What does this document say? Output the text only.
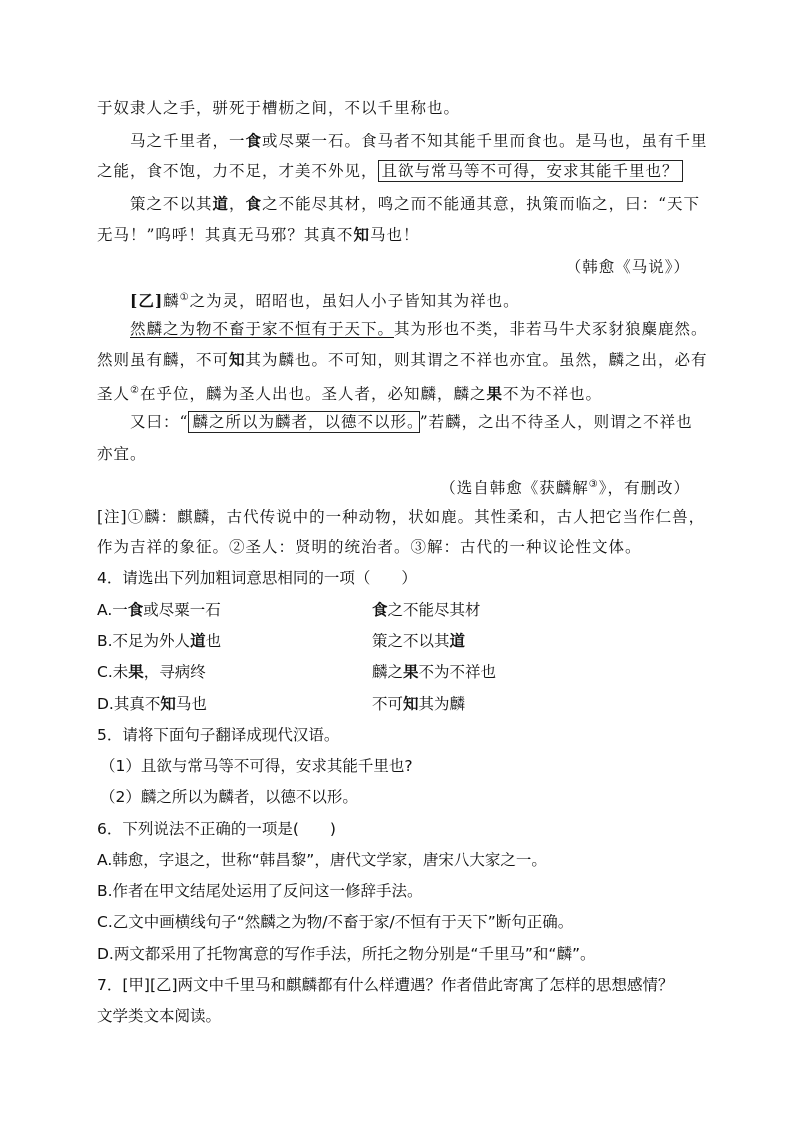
于奴隶人之手，骈死于槽枥之间，不以千里称也。
马之千里者，一食或尽粟一石。食马者不知其能千里而食也。是马也，虽有千里
之能，食不饱，力不足，才美不外见， 且欲与常马等不可得，安求其能千里也？
策之不以其道，食之不能尽其材，鸣之而不能通其意，执策而临之，曰：“天下
无马！”呜呼！其真无马邪？其真不知马也！
（韩愈《马说》）
[乙]麟①之为灵，昭昭也，虽妇人小子皆知其为祥也。
然麟之为物不畜于家不恒有于天下。其为形也不类，非若马牛犬豕豺狼麋鹿然。
然则虽有麟，不可知其为麟也。不可知，则其谓之不祥也亦宜。虽然，麟之出，必有
圣人②在乎位，麟为圣人出也。圣人者，必知麟，麟之果不为不祥也。
又曰：“ 麟之所以为麟者，以德不以形。 ”若麟，之出不待圣人，则谓之不祥也
亦宜。
（选自韩愈《获麟解③》，有删改）
[注]①麟：麒麟，古代传说中的一种动物，状如鹿。其性柔和，古人把它当作仁兽，
作为吉祥的象征。②圣人：贤明的统治者。③解：古代的一种议论性文体。
4．请选出下列加粗词意思相同的一项（　　）
A.一食或尽粟一石	食之不能尽其材
B.不足为外人道也	策之不以其道
C.未果，寻病终	麟之果不为不祥也
D.其真不知马也	不可知其为麟
5．请将下面句子翻译成现代汉语。
（1）且欲与常马等不可得，安求其能千里也?
（2）麟之所以为麟者，以德不以形。
6．下列说法不正确的一项是(　　)
A.韩愈，字退之，世称“韩昌黎”，唐代文学家，唐宋八大家之一。
B.作者在甲文结尾处运用了反问这一修辞手法。
C.乙文中画横线句子“然麟之为物/不畜于家/不恒有于天下”断句正确。
D.两文都采用了托物寓意的写作手法，所托之物分别是“千里马”和“麟”。
7．[甲][乙]两文中千里马和麒麟都有什么样遭遇？作者借此寄寓了怎样的思想感情？
文学类文本阅读。
